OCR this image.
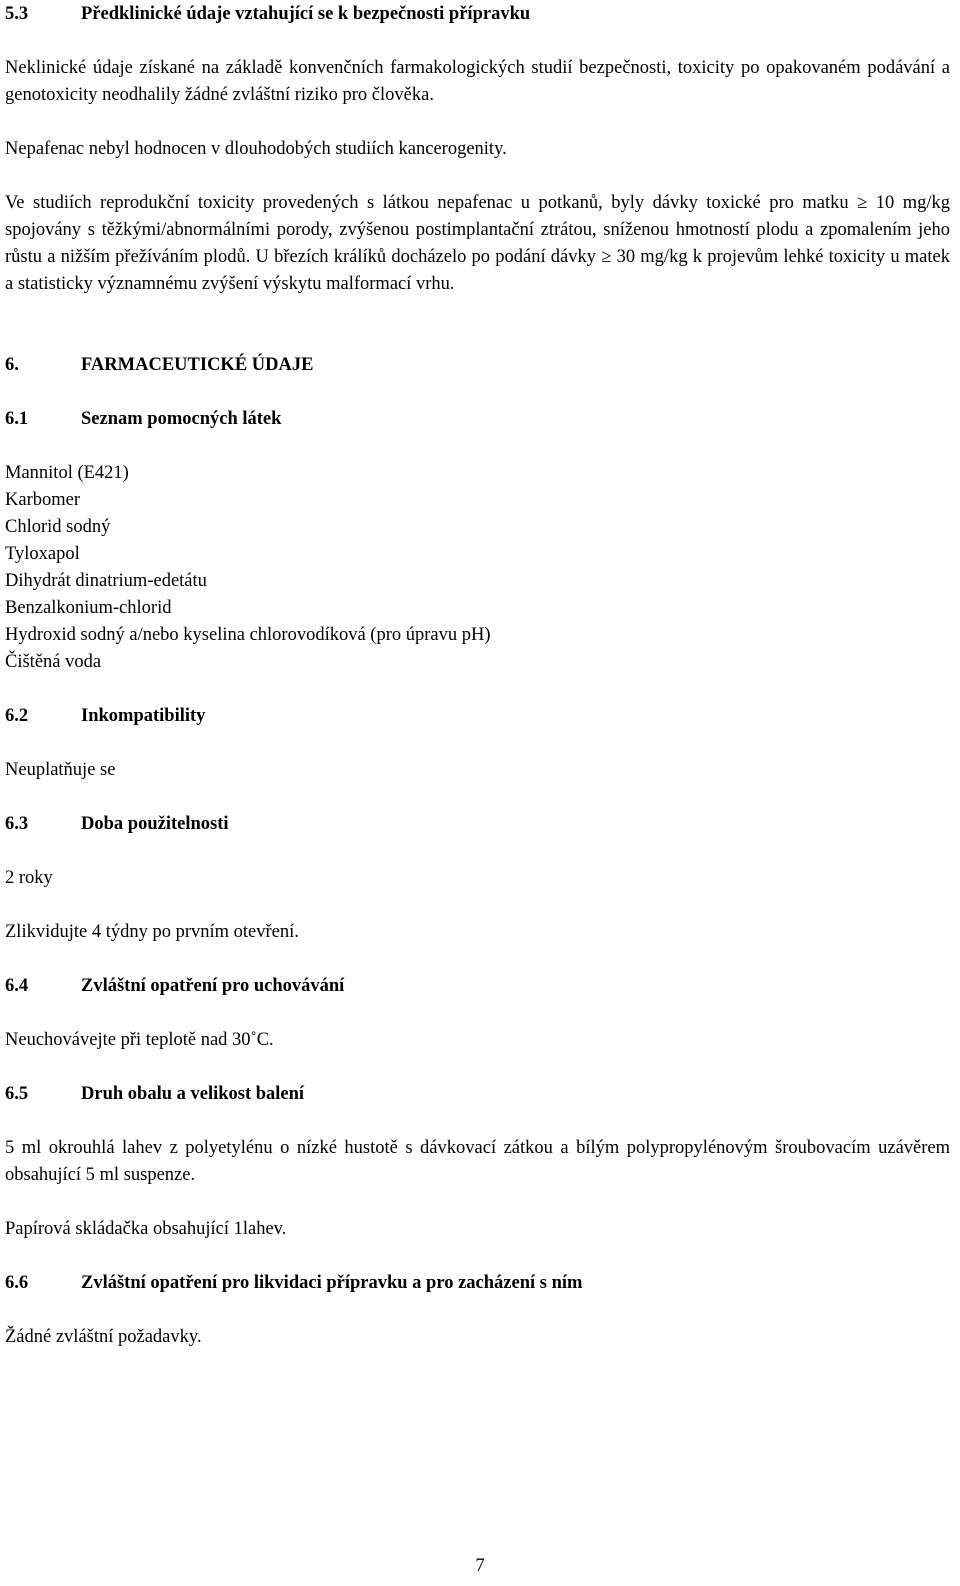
5.3	Předklinické údaje vztahující se k bezpečnosti přípravku

Neklinické údaje získané na základě konvenčních farmakologických studií bezpečnosti, toxicity po opakovaném podávání a genotoxicity neodhalily žádné zvláštní riziko pro člověka.

Nepafenac nebyl hodnocen v dlouhodobých studiích kancerogenity.

Ve studiích reprodukční toxicity provedených s látkou nepafenac u potkanů, byly dávky toxické pro matku ≥ 10 mg/kg spojovány s těžkými/abnormálními porody, zvýšenou postimplantační ztrátou, sníženou hmotností plodu a zpomalením jeho růstu a nižším přežíváním plodů. U březích králíků docházelo po podání dávky ≥ 30 mg/kg k projevům lehké toxicity u matek a statisticky významnému zvýšení výskytu malformací vrhu.

6.	FARMACEUTICKÉ ÚDAJE
6.1	Seznam pomocných látek

Mannitol (E421)

Karbomer

Chlorid sodný

Tyloxapol

Dihydrát dinatrium-edetátu

Benzalkonium-chlorid

Hydroxid sodný a/nebo kyselina chlorovodíková (pro úpravu pH)

Čištěná voda

6.2	Inkompatibility

Neuplatňuje se

6.3	Doba použitelnosti

2 roky

Zlikvidujte 4 týdny po prvním otevření.

6.4	Zvláštní opatření pro uchovávání

Neuchovávejte při teplotě nad 30˚C.

6.5	Druh obalu a velikost balení

5 ml okrouhlá lahev z polyetylénu o nízké hustotě s dávkovací zátkou a bílým polypropylénovým šroubovacím uzávěrem obsahující 5 ml suspenze.

Papírová skládačka obsahující 1lahev.

6.6	Zvláštní opatření pro likvidaci přípravku a pro zacházení s ním

Žádné zvláštní požadavky.

7
